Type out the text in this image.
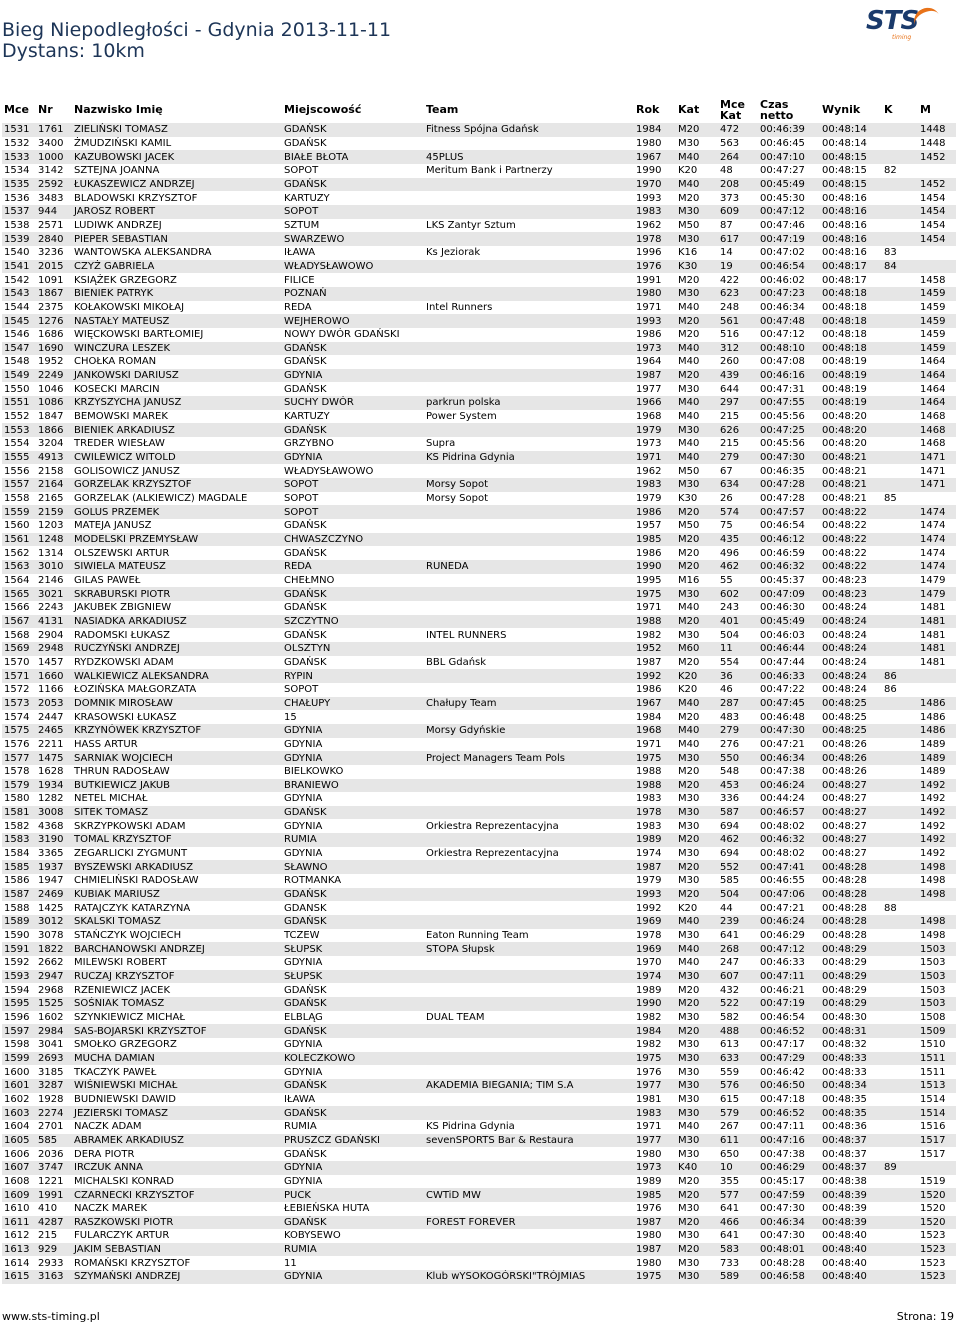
Bieg Niepodległości - Gdynia 2013-11-11
Dystans: 10km
STS
timing
Mce	Nr	Nazwisko Imię	Miejscowość	Team	Rok	Kat	Mce Kat	Czas netto	Wynik	K	M
1531	1761	ZIELIŃSKI TOMASZ	GDAŃSK	Fitness Spójna Gdańsk	1984	M20	472	00:46:39	00:48:14		1448
1532	3400	ŻMUDZIŃSKI KAMIL	GDAŃSK		1980	M30	563	00:46:45	00:48:14		1448
1533	1000	KAZUBOWSKI JACEK	BIAŁE BŁOTA	45PLUS	1967	M40	264	00:47:10	00:48:15		1452
1534	3142	SZTEJNA JOANNA	SOPOT	Meritum Bank i Partnerzy	1990	K20	48	00:47:27	00:48:15	82	
1535	2592	ŁUKASZEWICZ ANDRZEJ	GDAŃSK		1970	M40	208	00:45:49	00:48:15		1452
1536	3483	BLADOWSKI KRZYSZTOF	KARTUZY		1993	M20	373	00:45:30	00:48:16		1454
1537	944	JAROSZ ROBERT	SOPOT		1983	M30	609	00:47:12	00:48:16		1454
1538	2571	LUDIWK ANDRZEJ	SZTUM	LKS Zantyr Sztum	1962	M50	87	00:47:46	00:48:16		1454
1539	2840	PIEPER SEBASTIAN	SWARZEWO		1978	M30	617	00:47:19	00:48:16		1454
1540	3236	WANTOWSKA ALEKSANDRA	IŁAWA	Ks Jeziorak	1996	K16	14	00:47:02	00:48:16	83	
1541	2015	CZYŻ GABRIELA	WŁADYSŁAWOWO		1976	K30	19	00:46:54	00:48:17	84	
1542	1091	KSIĄŻEK GRZEGORZ	FILICE		1991	M20	422	00:46:02	00:48:17		1458
1543	1867	BIENIEK PATRYK	POZNAŃ		1980	M30	623	00:47:23	00:48:18		1459
1544	2375	KOŁAKOWSKI MIKOŁAJ	REDA	Intel Runners	1971	M40	248	00:46:34	00:48:18		1459
1545	1276	NASTAŁY MATEUSZ	WEJHEROWO		1993	M20	561	00:47:48	00:48:18		1459
1546	1686	WIĘCKOWSKI BARTŁOMIEJ	NOWY DWÓR GDAŃSKI		1986	M20	516	00:47:12	00:48:18		1459
1547	1690	WINCZURA LESZEK	GDAŃSK		1973	M40	312	00:48:10	00:48:18		1459
1548	1952	CHOŁKA ROMAN	GDAŃSK		1964	M40	260	00:47:08	00:48:19		1464
1549	2249	JANKOWSKI DARIUSZ	GDYNIA		1987	M20	439	00:46:16	00:48:19		1464
1550	1046	KOSECKI MARCIN	GDAŃSK		1977	M30	644	00:47:31	00:48:19		1464
1551	1086	KRZYSZYCHA JANUSZ	SUCHY DWÓR	parkrun polska	1966	M40	297	00:47:55	00:48:19		1464
1552	1847	BEMOWSKI MAREK	KARTUZY	Power System	1968	M40	215	00:45:56	00:48:20		1468
1553	1866	BIENIEK ARKADIUSZ	GDAŃSK		1979	M30	626	00:47:25	00:48:20		1468
1554	3204	TREDER WIESŁAW	GRZYBNO	Supra	1973	M40	215	00:45:56	00:48:20		1468
1555	4913	CWILEWICZ WITOLD	GDYNIA	KS Pidrina Gdynia	1971	M40	279	00:47:30	00:48:21		1471
1556	2158	GOLISOWICZ JANUSZ	WŁADYSŁAWOWO		1962	M50	67	00:46:35	00:48:21		1471
1557	2164	GORZELAK KRZYSZTOF	SOPOT	Morsy Sopot	1983	M30	634	00:47:28	00:48:21		1471
1558	2165	GORZELAK (ALKIEWICZ) MAGDALE	SOPOT	Morsy Sopot	1979	K30	26	00:47:28	00:48:21	85	
1559	2159	GOLUS PRZEMEK	SOPOT		1986	M20	574	00:47:57	00:48:22		1474
1560	1203	MATEJA JANUSZ	GDAŃSK		1957	M50	75	00:46:54	00:48:22		1474
1561	1248	MODELSKI PRZEMYSŁAW	CHWASZCZYNO		1985	M20	435	00:46:12	00:48:22		1474
1562	1314	OLSZEWSKI ARTUR	GDAŃSK		1986	M20	496	00:46:59	00:48:22		1474
1563	3010	SIWIELA MATEUSZ	REDA	RUNEDA	1990	M20	462	00:46:32	00:48:22		1474
1564	2146	GILAS PAWEŁ	CHEŁMNO		1995	M16	55	00:45:37	00:48:23		1479
1565	3021	SKRABURSKI PIOTR	GDAŃSK		1975	M30	602	00:47:09	00:48:23		1479
1566	2243	JAKUBEK ZBIGNIEW	GDAŃSK		1971	M40	243	00:46:30	00:48:24		1481
1567	4131	NASIADKA ARKADIUSZ	SZCZYTNO		1988	M20	401	00:45:49	00:48:24		1481
1568	2904	RADOMSKI ŁUKASZ	GDAŃSK	INTEL RUNNERS	1982	M30	504	00:46:03	00:48:24		1481
1569	2948	RUCZYŃSKI ANDRZEJ	OLSZTYN		1952	M60	11	00:46:44	00:48:24		1481
1570	1457	RYDZKOWSKI ADAM	GDAŃSK	BBL Gdańsk	1987	M20	554	00:47:44	00:48:24		1481
1571	1660	WALKIEWICZ ALEKSANDRA	RYPIN		1992	K20	36	00:46:33	00:48:24	86	
1572	1166	ŁOZIŃSKA MAŁGORZATA	SOPOT		1986	K20	46	00:47:22	00:48:24	86	
1573	2053	DOMNIK MIROSŁAW	CHAŁUPY	Chałupy Team	1967	M40	287	00:47:45	00:48:25		1486
1574	2447	KRASOWSKI ŁUKASZ	15		1984	M20	483	00:46:48	00:48:25		1486
1575	2465	KRZYNÓWEK KRZYSZTOF	GDYNIA	Morsy Gdyńskie	1968	M40	279	00:47:30	00:48:25		1486
1576	2211	HASS ARTUR	GDYNIA		1971	M40	276	00:47:21	00:48:26		1489
1577	1475	SARNIAK WOJCIECH	GDYNIA	Project Managers Team Pols	1975	M30	550	00:46:34	00:48:26		1489
1578	1628	THRUN RADOSŁAW	BIELKOWKO		1988	M20	548	00:47:38	00:48:26		1489
1579	1934	BUTKIEWICZ JAKUB	BRANIEWO		1988	M20	453	00:46:24	00:48:27		1492
1580	1282	NETEL MICHAŁ	GDYNIA		1983	M30	336	00:44:24	00:48:27		1492
1581	3008	SITEK TOMASZ	GDAŃSK		1978	M30	587	00:46:57	00:48:27		1492
1582	4368	SKRZYPKOWSKI ADAM	GDYNIA	Orkiestra Reprezentacyjna	1983	M30	694	00:48:02	00:48:27		1492
1583	3190	TOMAL KRZYSZTOF	RUMIA		1989	M20	462	00:46:32	00:48:27		1492
1584	3365	ZEGARLICKI ZYGMUNT	GDYNIA	Orkiestra Reprezentacyjna	1974	M30	694	00:48:02	00:48:27		1492
1585	1937	BYSZEWSKI ARKADIUSZ	SŁAWNO		1987	M20	552	00:47:41	00:48:28		1498
1586	1947	CHMIELIŃSKI RADOSŁAW	ROTMANKA		1979	M30	585	00:46:55	00:48:28		1498
1587	2469	KUBIAK MARIUSZ	GDAŃSK		1993	M20	504	00:47:06	00:48:28		1498
1588	1425	RATAJCZYK KATARZYNA	GDANSK		1992	K20	44	00:47:21	00:48:28	88	
1589	3012	SKALSKI TOMASZ	GDAŃSK		1969	M40	239	00:46:24	00:48:28		1498
1590	3078	STAŃCZYK WOJCIECH	TCZEW	Eaton Running Team	1978	M30	641	00:46:29	00:48:28		1498
1591	1822	BARCHANOWSKI ANDRZEJ	SŁUPSK	STOPA Słupsk	1969	M40	268	00:47:12	00:48:29		1503
1592	2662	MILEWSKI ROBERT	GDYNIA		1970	M40	247	00:46:33	00:48:29		1503
1593	2947	RUCZAJ KRZYSZTOF	SŁUPSK		1974	M30	607	00:47:11	00:48:29		1503
1594	2968	RZENIEWICZ JACEK	GDAŃSK		1989	M20	432	00:46:21	00:48:29		1503
1595	1525	SOŚNIAK TOMASZ	GDAŃSK		1990	M20	522	00:47:19	00:48:29		1503
1596	1602	SZYNKIEWICZ MICHAŁ	ELBLĄG	DUAL TEAM	1982	M30	582	00:46:54	00:48:30		1508
1597	2984	SAS-BOJARSKI KRZYSZTOF	GDAŃSK		1984	M20	488	00:46:52	00:48:31		1509
1598	3041	SMOŁKO GRZEGORZ	GDYNIA		1982	M30	613	00:47:17	00:48:32		1510
1599	2693	MUCHA DAMIAN	KOLECZKOWO		1975	M30	633	00:47:29	00:48:33		1511
1600	3185	TKACZYK PAWEŁ	GDYNIA		1976	M30	559	00:46:42	00:48:33		1511
1601	3287	WIŚNIEWSKI MICHAŁ	GDAŃSK	AKADEMIA BIEGANIA; TIM S.A	1977	M30	576	00:46:50	00:48:34		1513
1602	1928	BUDNIEWSKI DAWID	IŁAWA		1981	M30	615	00:47:18	00:48:35		1514
1603	2274	JEZIERSKI TOMASZ	GDAŃSK		1983	M30	579	00:46:52	00:48:35		1514
1604	2701	NACZK ADAM	RUMIA	KS Pidrina Gdynia	1971	M40	267	00:47:11	00:48:36		1516
1605	585	ABRAMEK ARKADIUSZ	PRUSZCZ GDAŃSKI	sevenSPORTS Bar & Restaura	1977	M30	611	00:47:16	00:48:37		1517
1606	2036	DERA PIOTR	GDAŃSK		1980	M30	650	00:47:38	00:48:37		1517
1607	3747	IRCZUK ANNA	GDYNIA		1973	K40	10	00:46:29	00:48:37	89	
1608	1221	MICHALSKI KONRAD	GDYNIA		1989	M20	355	00:45:17	00:48:38		1519
1609	1991	CZARNECKI KRZYSZTOF	PUCK	CWTiD MW	1985	M20	577	00:47:59	00:48:39		1520
1610	410	NACZK MAREK	ŁEBIEŃSKA HUTA		1976	M30	641	00:47:30	00:48:39		1520
1611	4287	RASZKOWSKI PIOTR	GDAŃSK	FOREST FOREVER	1987	M20	466	00:46:34	00:48:39		1520
1612	215	FULARCZYK ARTUR	KOBYSEWO		1980	M30	641	00:47:30	00:48:40		1523
1613	929	JAKIM SEBASTIAN	RUMIA		1987	M20	583	00:48:01	00:48:40		1523
1614	2933	ROMAŃSKI KRZYSZTOF	11		1980	M30	733	00:48:28	00:48:40		1523
1615	3163	SZYMAŃSKI ANDRZEJ	GDYNIA	Klub wYSOKOGÓRSKI"TRÓJMIAS	1975	M30	589	00:46:58	00:48:40		1523
www.sts-timing.pl	Strona: 19
